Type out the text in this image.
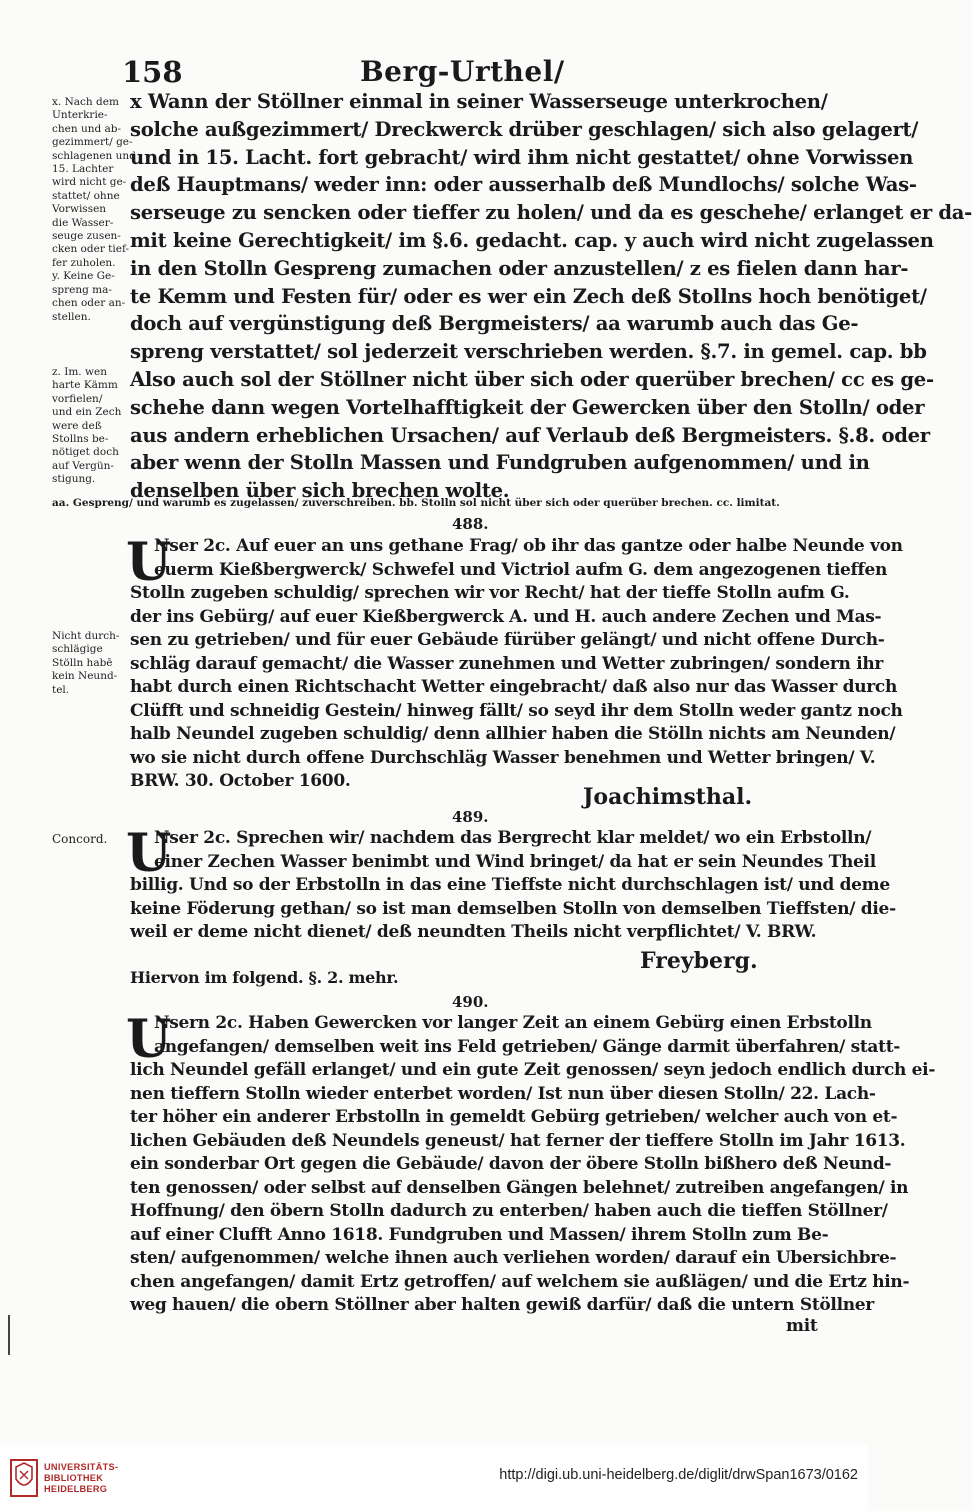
158	Berg-Urthel/
x. Nach dem
Unterkrie-
chen und ab-
gezimmert/ ge-
schlagenen und
15. Lachter
wird nicht ge-
stattet/ ohne
Vorwissen
die Wasser-
seuge zusen-
cken oder tief-
fer zuholen.
y. Keine Ge-
spreng ma-
chen oder an-
stellen.
z. Im. wen
harte Kämm
vorfielen/
und ein Zech
were deß
Stollns be-
nötiget doch
auf Vergün-
stigung.
Nicht durch-
schlägige
Stölln habē
kein Neund-
tel.
Concord.
x Wann der Stöllner einmal in seiner Wasserseuge unterkrochen/
solche außgezimmert/ Dreckwerck drüber geschlagen/ sich also gelagert/
und in 15. Lacht. fort gebracht/ wird ihm nicht gestattet/ ohne Vorwissen
deß Hauptmans/ weder inn: oder ausserhalb deß Mundlochs/ solche Was-
serseuge zu sencken oder tieffer zu holen/ und da es geschehe/ erlanget er da-
mit keine Gerechtigkeit/ im §.6. gedacht. cap. y auch wird nicht zugelassen
in den Stolln Gespreng zumachen oder anzustellen/ z es fielen dann har-
te Kemm und Festen für/ oder es wer ein Zech deß Stollns hoch benötiget/
doch auf vergünstigung deß Bergmeisters/ aa warumb auch das Ge-
spreng verstattet/ sol jederzeit verschrieben werden. §.7. in gemel. cap. bb
Also auch sol der Stöllner nicht über sich oder querüber brechen/ cc es ge-
schehe dann wegen Vortelhafftigkeit der Gewercken über den Stolln/ oder
aus andern erheblichen Ursachen/ auf Verlaub deß Bergmeisters. §.8. oder
aber wenn der Stolln Massen und Fundgruben aufgenommen/ und in
denselben über sich brechen wolte.
aa. Gespreng/ und warumb es zugelassen/ zuverschreiben. bb. Stolln sol nicht über sich oder querüber brechen. cc. limitat.
488.
U
Nser 2c. Auf euer an uns gethane Frag/ ob ihr das gantze oder halbe Neunde von
euerm Kießbergwerck/ Schwefel und Victriol aufm G. dem angezogenen tieffen
Stolln zugeben schuldig/ sprechen wir vor Recht/ hat der tieffe Stolln aufm G.
der ins Gebürg/ auf euer Kießbergwerck A. und H. auch andere Zechen und Mas-
sen zu getrieben/ und für euer Gebäude fürüber gelängt/ und nicht offene Durch-
schläg darauf gemacht/ die Wasser zunehmen und Wetter zubringen/ sondern ihr
habt durch einen Richtschacht Wetter eingebracht/ daß also nur das Wasser durch
Clüfft und schneidig Gestein/ hinweg fällt/ so seyd ihr dem Stolln weder gantz noch
halb Neundel zugeben schuldig/ denn allhier haben die Stölln nichts am Neunden/
wo sie nicht durch offene Durchschläg Wasser benehmen und Wetter bringen/ V.
BRW. 30. October 1600.
Joachimsthal.
489.
U
Nser 2c. Sprechen wir/ nachdem das Bergrecht klar meldet/ wo ein Erbstolln/
einer Zechen Wasser benimbt und Wind bringet/ da hat er sein Neundes Theil
billig. Und so der Erbstolln in das eine Tieffste nicht durchschlagen ist/ und deme
keine Föderung gethan/ so ist man demselben Stolln von demselben Tieffsten/ die-
weil er deme nicht dienet/ deß neundten Theils nicht verpflichtet/ V. BRW.
Freyberg.
Hiervon im folgend. §. 2. mehr.
490.
U
Nsern 2c. Haben Gewercken vor langer Zeit an einem Gebürg einen Erbstolln
angefangen/ demselben weit ins Feld getrieben/ Gänge darmit überfahren/ statt-
lich Neundel gefäll erlanget/ und ein gute Zeit genossen/ seyn jedoch endlich durch ei-
nen tieffern Stolln wieder enterbet worden/ Ist nun über diesen Stolln/ 22. Lach-
ter höher ein anderer Erbstolln in gemeldt Gebürg getrieben/ welcher auch von et-
lichen Gebäuden deß Neundels geneust/ hat ferner der tieffere Stolln im Jahr 1613.
ein sonderbar Ort gegen die Gebäude/ davon der öbere Stolln bißhero deß Neund-
ten genossen/ oder selbst auf denselben Gängen belehnet/ zutreiben angefangen/ in
Hoffnung/ den öbern Stolln dadurch zu enterben/ haben auch die tieffen Stöllner/
auf einer Clufft Anno 1618. Fundgruben und Massen/ ihrem Stolln zum Be-
sten/ aufgenommen/ welche ihnen auch verliehen worden/ darauf ein Ubersichbre-
chen angefangen/ damit Ertz getroffen/ auf welchem sie außlägen/ und die Ertz hin-
weg hauen/ die obern Stöllner aber halten gewiß darfür/ daß die untern Stöllner
mit
UNIVERSITÄTS-
BIBLIOTHEK
HEIDELBERG
http://digi.ub.uni-heidelberg.de/diglit/drwSpan1673/0162
